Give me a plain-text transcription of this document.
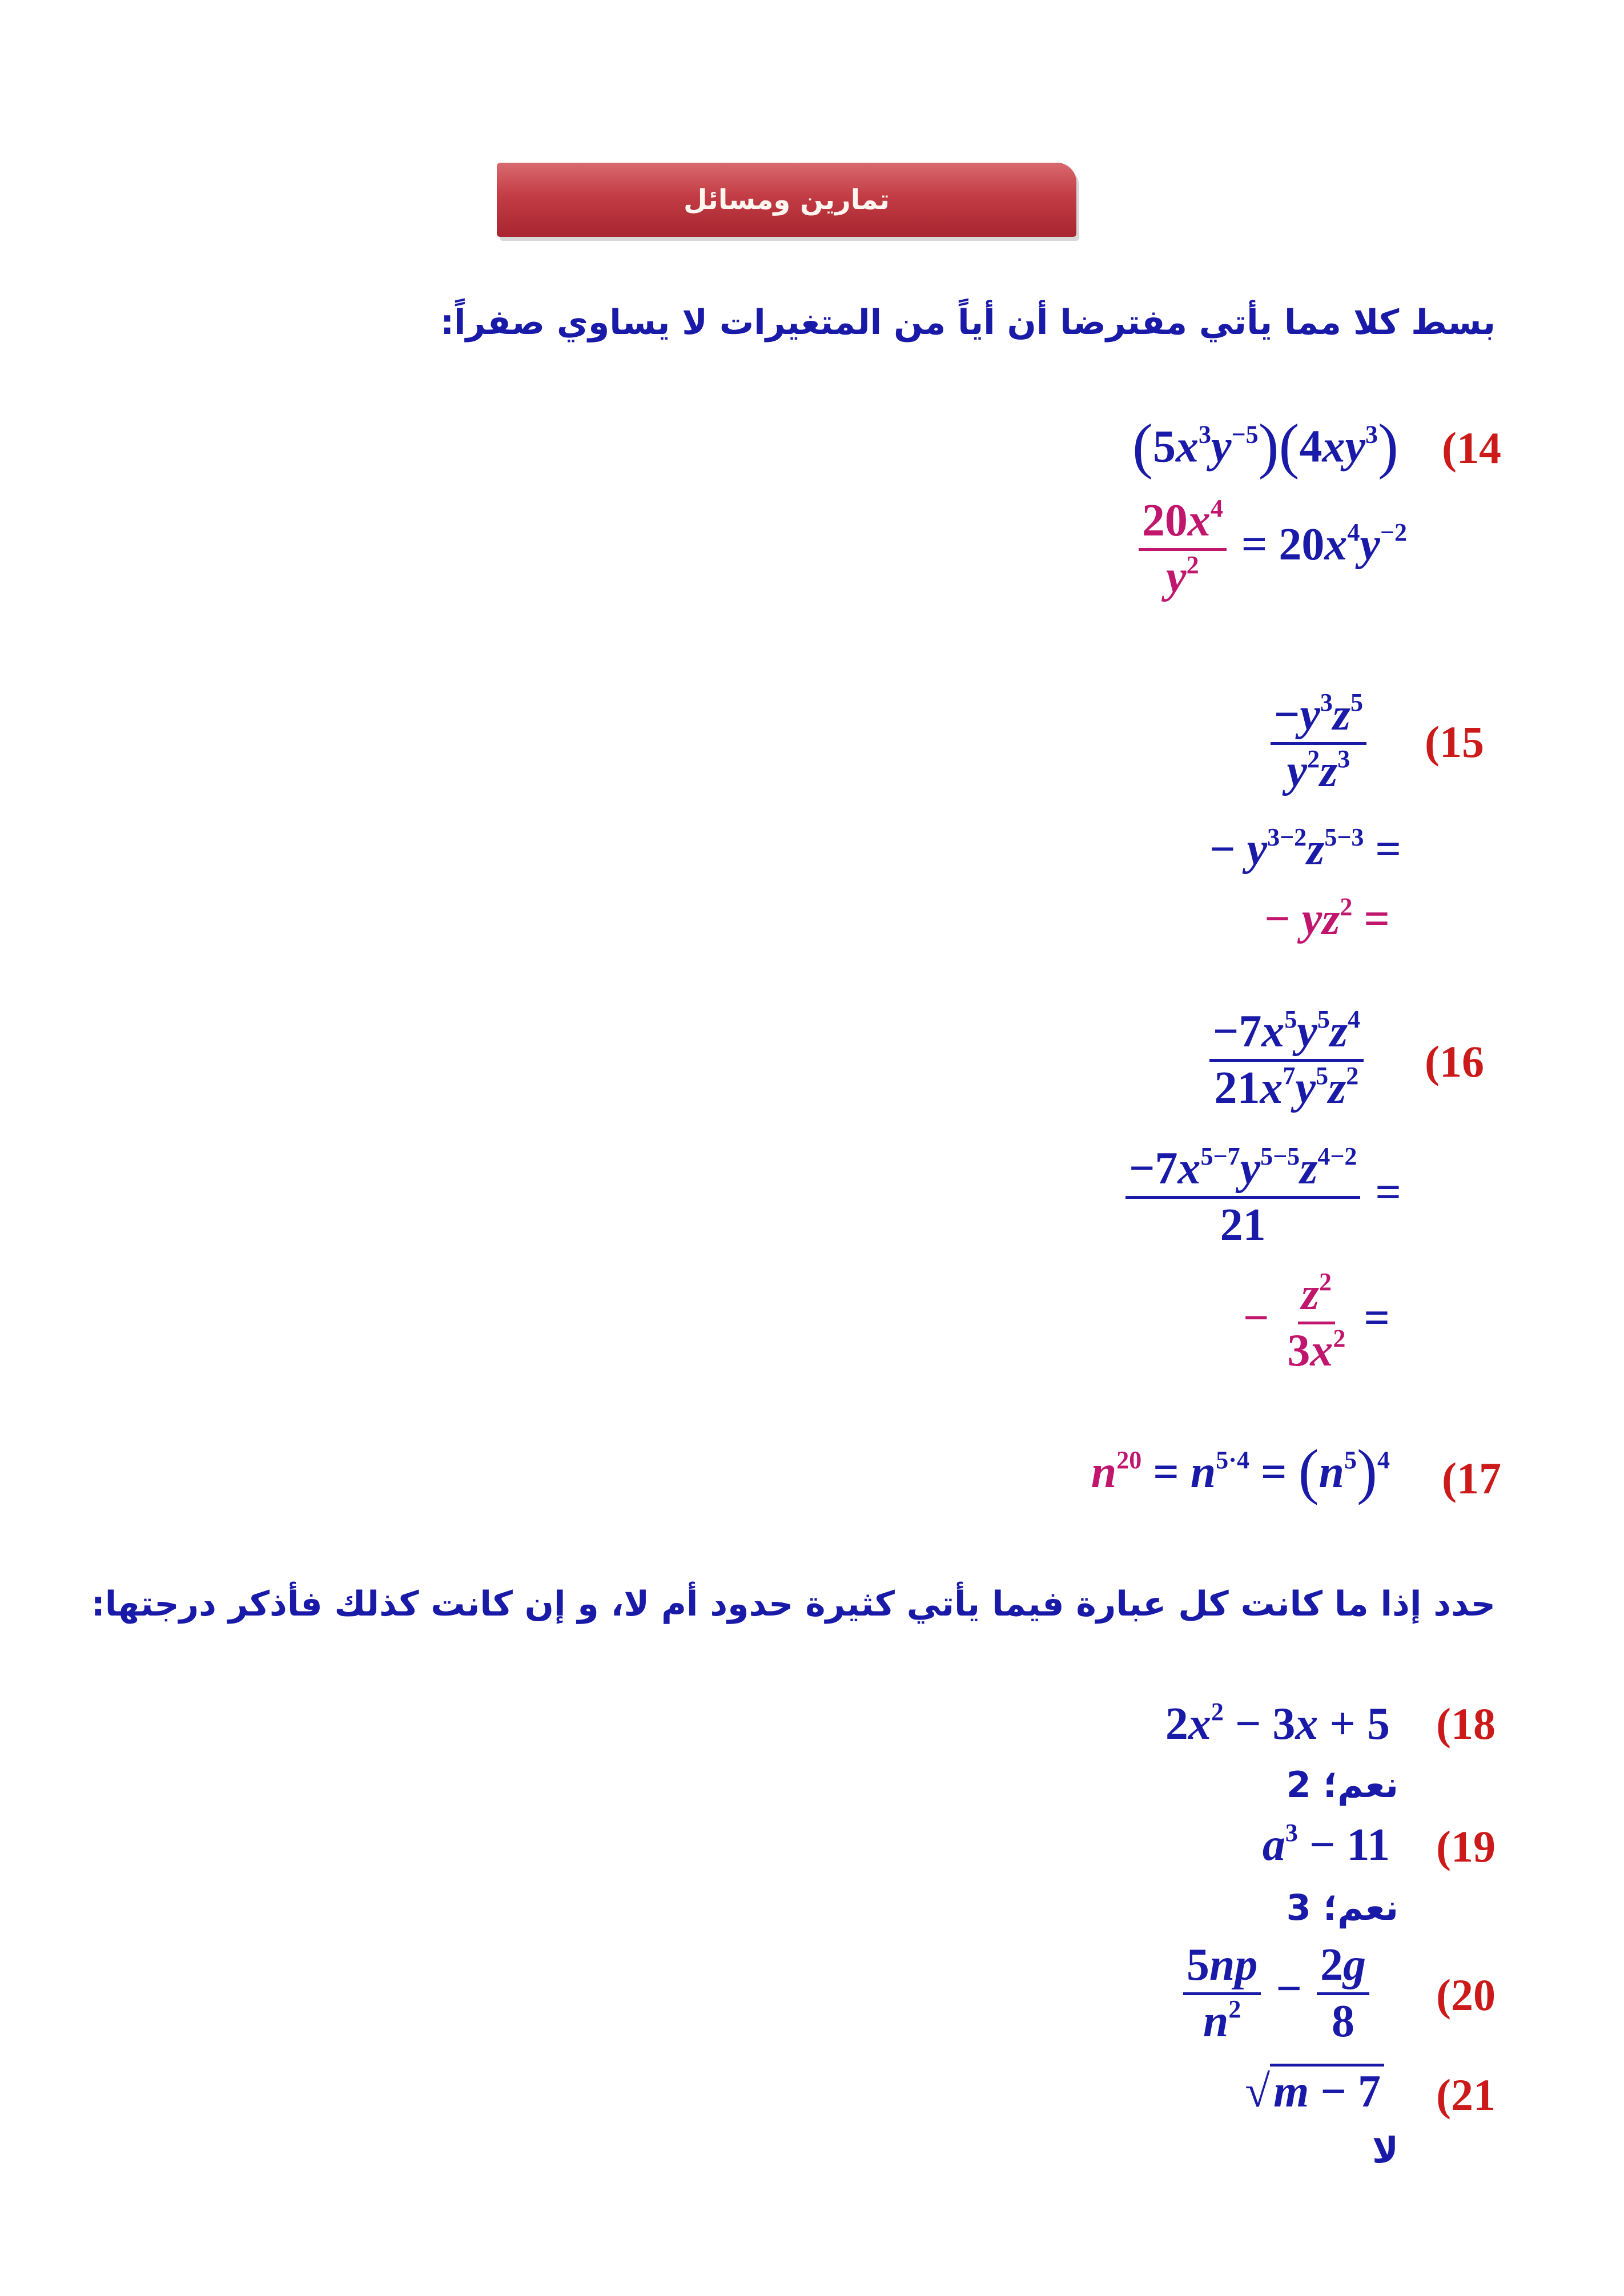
تمارين ومسائل
بسط كلا مما يأتي مفترضا أن أياً من المتغيرات لا يساوي صفراً:
(14
$(5x^3y^{-5})(4xy^3)$
$\frac{20x^4}{y^2} = 20x^4y^{-2}$
(15
$\frac{-y^3z^5}{y^2z^3}$
− $y^{3-2}z^{5-3}$ =
− $yz^2$ =
(16
$\frac{-7x^5y^5z^4}{21x^7y^5z^2}$
$\frac{-7x^{5-7}y^{5-5}z^{4-2}}{21}$ =
− $\frac{z^2}{3x^2}$ =
(17
$n^{20} = n^{5\cdot 4} = (n^5)^4$
حدد إذا ما كانت كل عبارة فيما يأتي كثيرة حدود أم لا، و إن كانت كذلك فأذكر درجتها:
(18
$2x^2 - 3x + 5$
نعم؛ 2
(19
$a^3 - 11$
نعم؛ 3
(20
$\frac{5np}{n^2} - \frac{2g}{8}$
(21
√m − 7
لا
